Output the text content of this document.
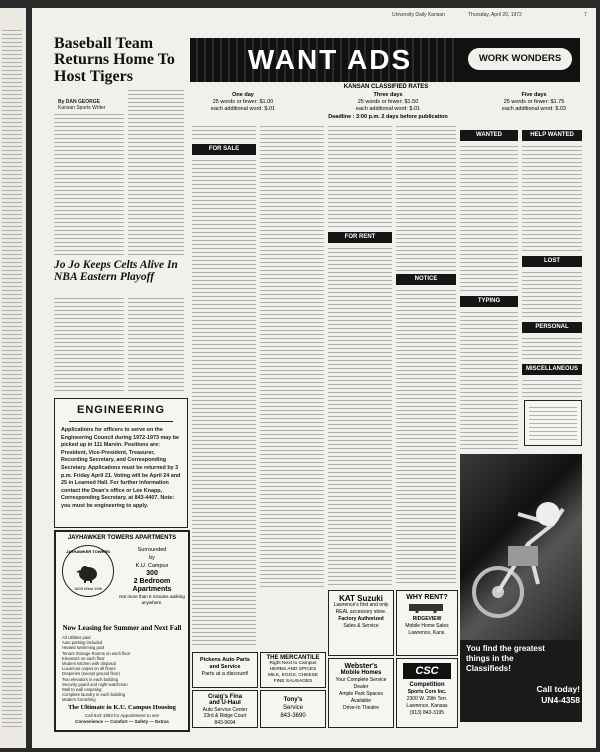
University Daily Kansan	Thursday, April 20, 1972	7
Baseball Team Returns Home To Host Tigers
By DAN GEORGE
Kansan Sports Writer
Jo Jo Keeps Celts Alive In NBA Eastern Playoff
ENGINEERING
Applications for officers to serve on the Engineering Council during 1972-1973 may be picked up in 111 Marvin. Positions are: President, Vice-President, Treasurer, Recording Secretary, and Corresponding Secretary. Applications must be returned by 3 p.m. Friday April 21. Voting will be April 24 and 25 in Learned Hall. For further information contact the Dean's office or Lee Knapp, Corresponding Secretary, at 843-4407. Note: you must be engineering to apply.
JAYHAWKER TOWERS APARTMENTS
JAYHAWKER TOWERS
1603 West 15th
Surrounded
by
K.U. Campus
300
2 Bedroom
Apartments
Not more than 5 minutes walking anywhere.
Now Leasing for Summer and Next Fall
All Utilities paid
Auto parking included
Heated swimming pool
Tenant Storage Rooms on each floor
Elevators on each floor
Modern kitchen with disposal
Luxurious carpet on all floors
Draperies (except ground floor)
Two elevators in each building
Security guard and night watchman
Wall to wall carpeting
Complete laundry in each building
Modern furnishing
The Ultimate in K.U. Campus Housing
Call 843-1993 for Appointment to see
Convenience — Comfort — Safety — Extras
WANT ADS	WORK WONDERS
KANSAN CLASSIFIED RATES
One day
25 words or fewer: $1.00
each additional word: $.01
Three days
25 words or fewer: $1.50
each additional word: $.01
Five days
25 words or fewer: $1.75
each additional word: $.03
Deadline : 3:00 p.m. 2 days before publication
FOR SALE
FOR RENT
NOTICE
WANTED
TYPING
HELP WANTED
LOST
PERSONAL
MISCELLANEOUS
You find the greatest
things in the
Classifieds!
Call today!
UN4-4358
Pickens Auto Parts
and Service
Parts at a discount!
THE MERCANTILE
Right Next to Campus
HERBS AND SPICES
MILK, EGGS, CHEESE
FINE SAUSAGES
Craig's Fina
and U-Haul
Auto Service Center
23rd & Ridge Court
843-9694
Tony's
Service
843-3690
KAT Suzuki
Lawrence's first and only
REAL accessory store.
Factory Authorized
Sales & Service
WHY RENT?
RIDGEVIEW
Mobile Home Sales
Lawrence, Kans.
Webster's
Mobile Homes
Your Complete Service Dealer
Ample Park Spaces Available
Drive-In Theatre
CSC
Competition
Sports Cors Inc.
2300 W. 29th Terr.
Lawrence, Kansas
(913) 843-3195
